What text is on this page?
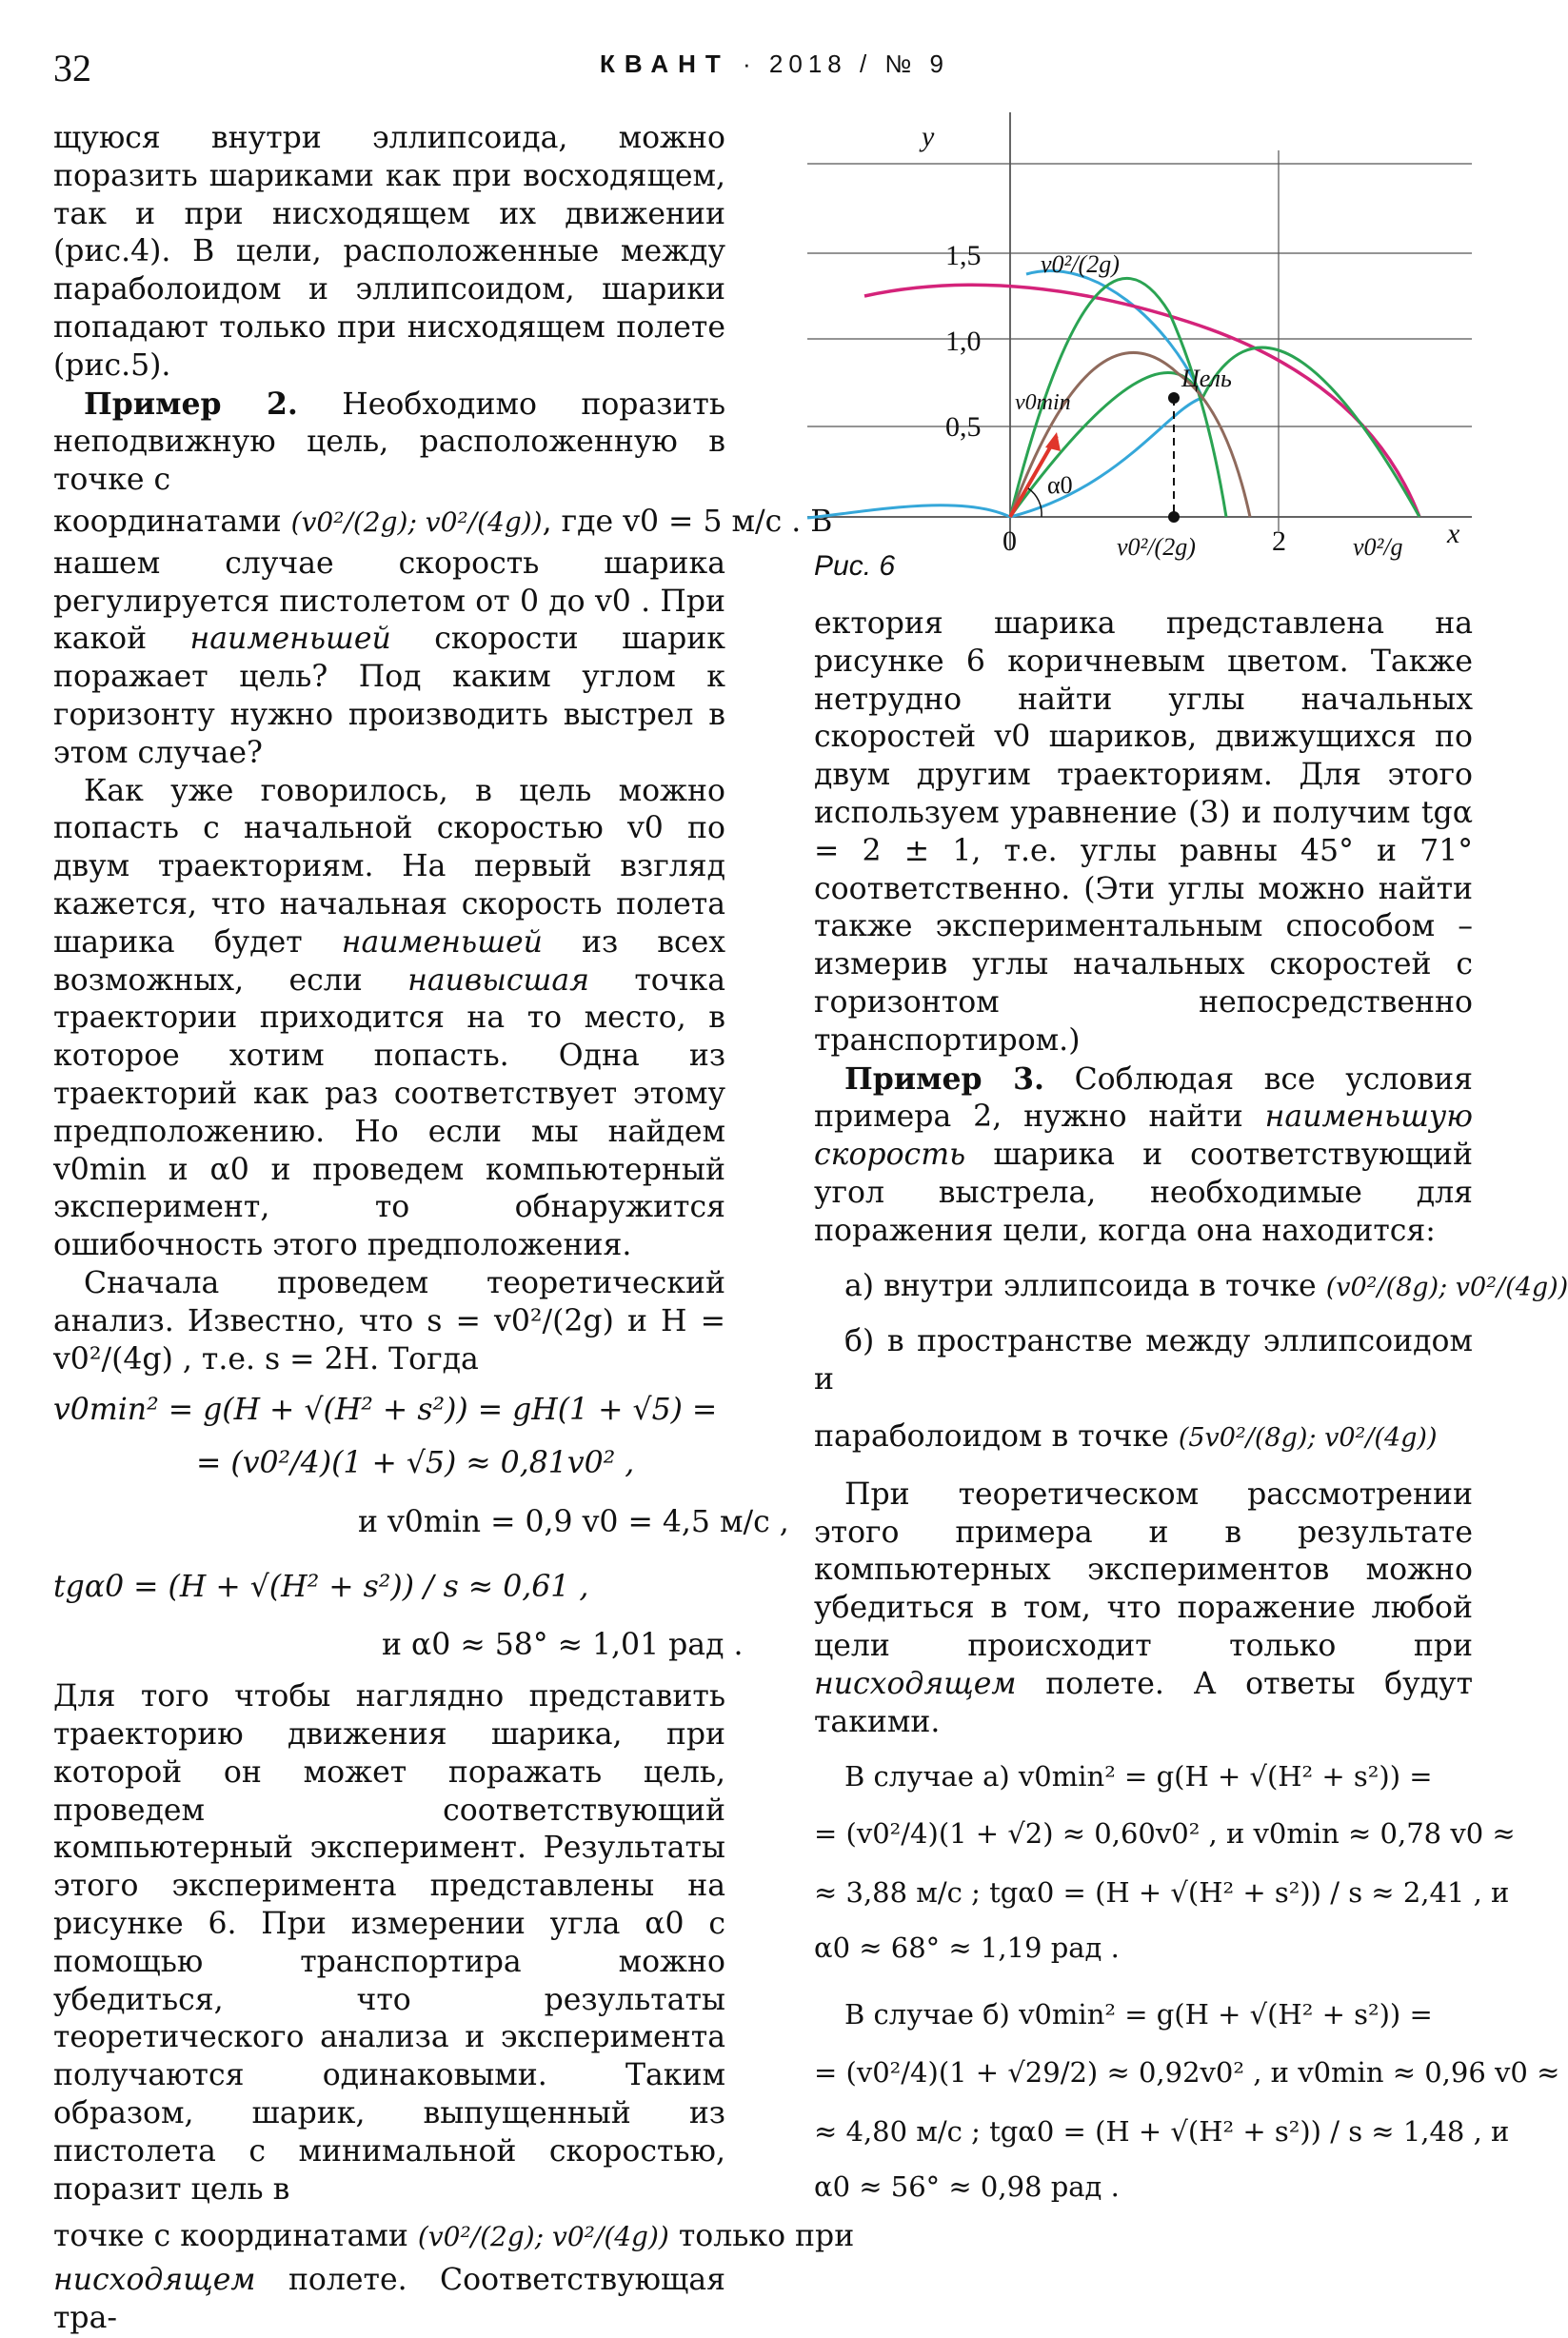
32	КВАНТ · 2018 / № 9

щуюся внутри эллипсоида, можно поразить шариками как при восходящем, так и при нисходящем их движении (рис.4). В цели, расположенные между параболоидом и эллипсоидом, шарики попадают только при нисходящем полете (рис.5).

Пример 2. Необходимо поразить неподвижную цель, расположенную в точке с

координатами (v0²/(2g); v0²/(4g)), где v0 = 5 м/с . В

нашем случае скорость шарика регулируется пистолетом от 0 до v0 . При какой наименьшей скорости шарик поражает цель? Под каким углом к горизонту нужно производить выстрел в этом случае?

Как уже говорилось, в цель можно попасть с начальной скоростью v0 по двум траекториям. На первый взгляд кажется, что начальная скорость полета шарика будет наименьшей из всех возможных, если наивысшая точка траектории приходится на то место, в которое хотим попасть. Одна из траекторий как раз соответствует этому предположению. Но если мы найдем v0min и α0 и проведем компьютерный эксперимент, то обнаружится ошибочность этого предположения.

Сначала проведем теоретический анализ. Известно, что s = v0²/(2g) и H = v0²/(4g) , т.е. s = 2H. Тогда

v0min² = g(H + √(H² + s²)) = gH(1 + √5) =

= (v0²/4)(1 + √5) ≈ 0,81v0² ,

и v0min = 0,9 v0 = 4,5 м/с ,

tgα0 = (H + √(H² + s²)) / s ≈ 0,61 ,

и α0 ≈ 58° ≈ 1,01 рад .

Для того чтобы наглядно представить траекторию движения шарика, при которой он может поражать цель, проведем соответствующий компьютерный эксперимент. Результаты этого эксперимента представлены на рисунке 6. При измерении угла α0 с помощью транспортира можно убедиться, что результаты теоретического анализа и эксперимента получаются одинаковыми. Таким образом, шарик, выпущенный из пистолета с минимальной скоростью, поразит цель в

точке с координатами (v0²/(2g); v0²/(4g)) только при

нисходящем полете. Соответствующая тра-

y
x
1,5
1,0
0,5
0	2
v0²/(2g)
v0min
α0
Цель
v0²/(2g)	v0²/g
Рис. 6

ектория шарика представлена на рисунке 6 коричневым цветом. Также нетрудно найти углы начальных скоростей v0 шариков, движущихся по двум другим траекториям. Для этого используем уравнение (3) и получим tgα = 2 ± 1, т.е. углы равны 45° и 71° соответственно. (Эти углы можно найти также экспериментальным способом – измерив углы начальных скоростей с горизонтом непосредственно транспортиром.)

Пример 3. Соблюдая все условия примера 2, нужно найти наименьшую скорость шарика и соответствующий угол выстрела, необходимые для поражения цели, когда она находится:

а) внутри эллипсоида в точке (v0²/(8g); v0²/(4g))

б) в пространстве между эллипсоидом и

параболоидом в точке (5v0²/(8g); v0²/(4g))

При теоретическом рассмотрении этого примера и в результате компьютерных экспериментов можно убедиться в том, что поражение любой цели происходит только при нисходящем полете. А ответы будут такими.

В случае а) v0min² = g(H + √(H² + s²)) =

= (v0²/4)(1 + √2) ≈ 0,60v0² , и v0min ≈ 0,78 v0 ≈

≈ 3,88 м/с ; tgα0 = (H + √(H² + s²)) / s ≈ 2,41 , и

α0 ≈ 68° ≈ 1,19 рад .

В случае б) v0min² = g(H + √(H² + s²)) =

= (v0²/4)(1 + √29/2) ≈ 0,92v0² , и v0min ≈ 0,96 v0 ≈

≈ 4,80 м/с ; tgα0 = (H + √(H² + s²)) / s ≈ 1,48 , и

α0 ≈ 56° ≈ 0,98 рад .
